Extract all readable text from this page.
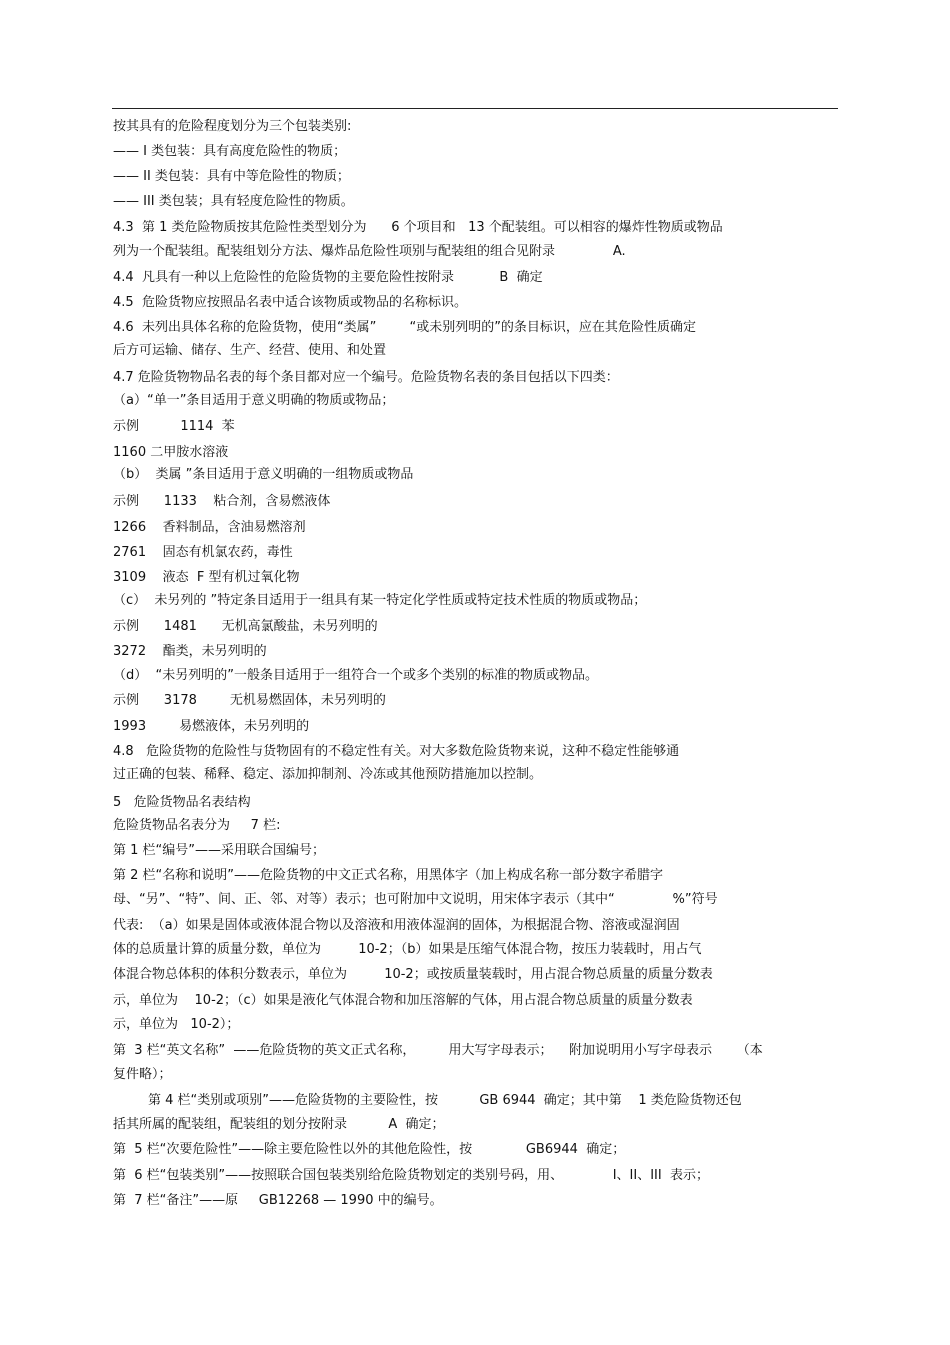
按其具有的危险程度划分为三个包装类别:
—— I 类包装：具有高度危险性的物质；
—— II 类包装：具有中等危险性的物质；
—— III 类包装；具有轻度危险性的物质。
4.3  第 1 类危险物质按其危险性类型划分为      6 个项目和   13 个配装组。可以相容的爆炸性物质或物品
列为一个配装组。配装组划分方法、爆炸品危险性项别与配装组的组合见附录              A.
4.4  凡具有一种以上危险性的危险货物的主要危险性按附录           B  确定
4.5  危险货物应按照品名表中适合该物质或物品的名称标识。
4.6  未列出具体名称的危险货物，使用“类属”        “或未别列明的”的条目标识，应在其危险性质确定
后方可运输、储存、生产、经营、使用、和处置
4.7 危险货物物品名表的每个条目都对应一个编号。危险货物名表的条目包括以下四类：
（a）“单一”条目适用于意义明确的物质或物品；
示例          1114  苯
1160 二甲胺水溶液
（b）  类属 ”条目适用于意义明确的一组物质或物品
示例      1133    粘合剂，含易燃液体
1266    香料制品，含油易燃溶剂
2761    固态有机氯农药，毒性
3109    液态  F 型有机过氧化物
（c）  未另列的 ”特定条目适用于一组具有某一特定化学性质或特定技术性质的物质或物品；
示例      1481      无机高氯酸盐，未另列明的
3272    酯类，未另列明的
（d）  “未另列明的”一般条目适用于一组符合一个或多个类别的标准的物质或物品。
示例      3178        无机易燃固体，未另列明的
1993        易燃液体，未另列明的
4.8   危险货物的危险性与货物固有的不稳定性有关。对大多数危险货物来说，这种不稳定性能够通
过正确的包装、稀释、稳定、添加抑制剂、冷冻或其他预防措施加以控制。
5   危险货物品名表结构
危险货物品名表分为     7 栏:
第 1 栏“编号”——采用联合国编号；
第 2 栏“名称和说明”——危险货物的中文正式名称，用黑体字（加上构成名称一部分数字希腊字
母、“另”、“特”、间、正、邻、对等）表示；也可附加中文说明，用宋体字表示（其中“              %”符号
代表:  （a）如果是固体或液体混合物以及溶液和用液体湿润的固体，为根据混合物、溶液或湿润固
体的总质量计算的质量分数，单位为         10-2；（b）如果是压缩气体混合物，按压力装载时，用占气
体混合物总体积的体积分数表示，单位为         10-2；或按质量装载时，用占混合物总质量的质量分数表
示，单位为    10-2；（c）如果是液化气体混合物和加压溶解的气体，用占混合物总质量的质量分数表
示，单位为   10-2）；
第  3 栏“英文名称”  ——危险货物的英文正式名称，        用大写字母表示；    附加说明用小写字母表示      （本
复件略）；
第 4 栏“类别或项别”——危险货物的主要险性，按          GB 6944  确定；其中第    1 类危险货物还包
括其所属的配装组，配装组的划分按附录          A  确定；
第  5 栏“次要危险性”——除主要危险性以外的其他危险性，按             GB6944  确定；
第  6 栏“包装类别”——按照联合国包装类别给危险货物划定的类别号码，用、            I、II、III  表示；
第  7 栏“备注”——原     GB12268 — 1990 中的编号。
